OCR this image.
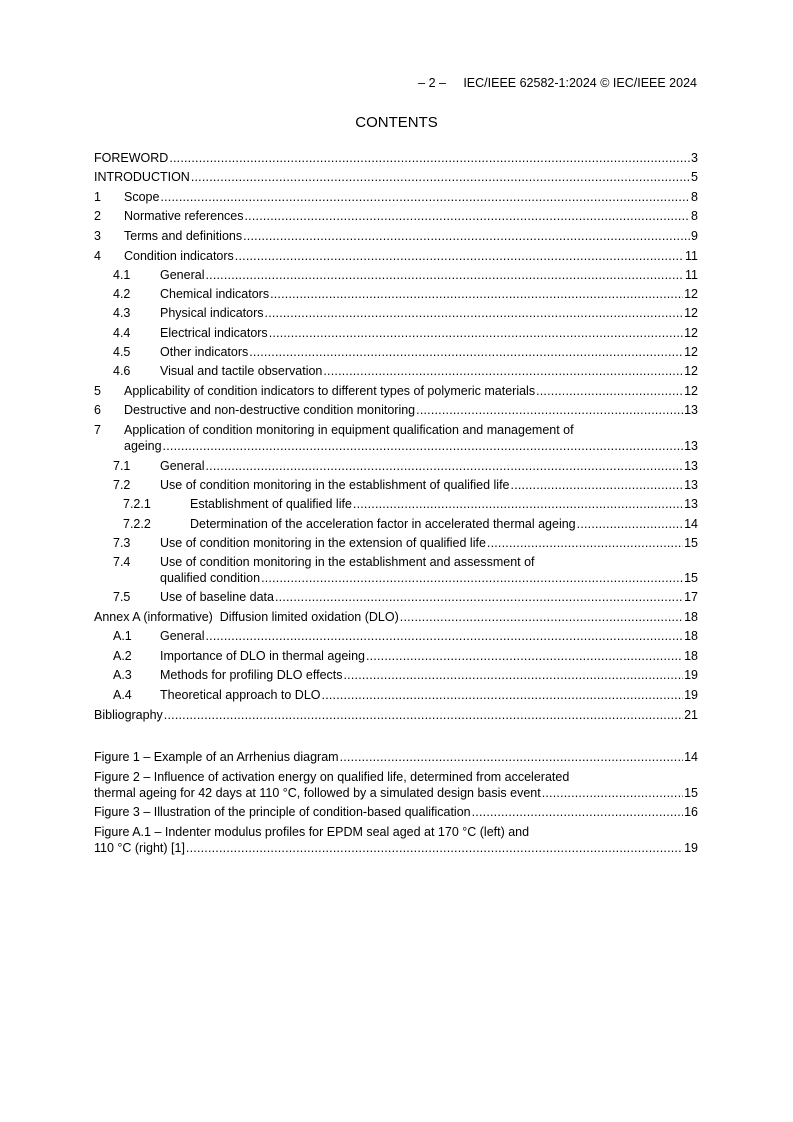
– 2 –     IEC/IEEE 62582-1:2024 © IEC/IEEE 2024
CONTENTS
FOREWORD .....	3
INTRODUCTION .....	5
1	Scope .....	8
2	Normative references .....	8
3	Terms and definitions .....	9
4	Condition indicators .....	11
4.1	General .....	11
4.2	Chemical indicators .....	12
4.3	Physical indicators .....	12
4.4	Electrical indicators .....	12
4.5	Other indicators .....	12
4.6	Visual and tactile observation .....	12
5	Applicability of condition indicators to different types of polymeric materials .....	12
6	Destructive and non-destructive condition monitoring .....	13
7	Application of condition monitoring in equipment qualification and management of
ageing .....	13
7.1	General .....	13
7.2	Use of condition monitoring in the establishment of qualified life .....	13
7.2.1	Establishment of qualified life .....	13
7.2.2	Determination of the acceleration factor in accelerated thermal ageing .....	14
7.3	Use of condition monitoring in the extension of qualified life .....	15
7.4	Use of condition monitoring in the establishment and assessment of
qualified condition .....	15
7.5	Use of baseline data .....	17
Annex A (informative)  Diffusion limited oxidation (DLO) .....	18
A.1	General .....	18
A.2	Importance of DLO in thermal ageing .....	18
A.3	Methods for profiling DLO effects .....	19
A.4	Theoretical approach to DLO .....	19
Bibliography .....	21
Figure 1 – Example of an Arrhenius diagram .....	14
Figure 2 – Influence of activation energy on qualified life, determined from accelerated
thermal ageing for 42 days at 110 °C, followed by a simulated design basis event .....	15
Figure 3 – Illustration of the principle of condition-based qualification .....	16
Figure A.1 – Indenter modulus profiles for EPDM seal aged at 170 °C (left) and
110 °C (right) [1] .....	19
